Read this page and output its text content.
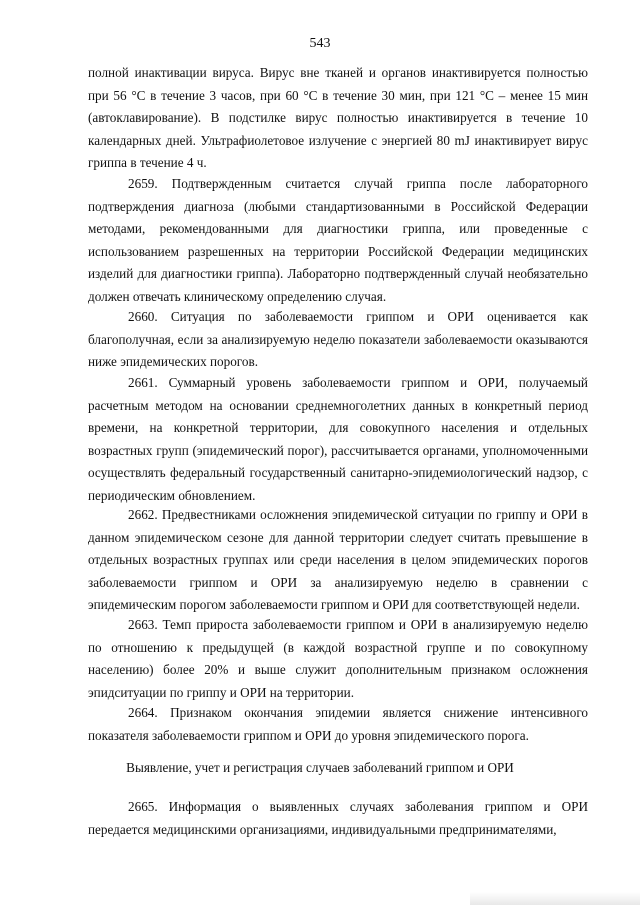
543

полной инактивации вируса. Вирус вне тканей и органов инактивируется полностью при 56 °С в течение 3 часов, при 60 °С в течение 30 мин, при 121 °С – менее 15 мин (автоклавирование). В подстилке вирус полностью инактивируется в течение 10 календарных дней. Ультрафиолетовое излучение с энергией 80 mJ инактивирует вирус гриппа в течение 4 ч.

2659. Подтвержденным считается случай гриппа после лабораторного подтверждения диагноза (любыми стандартизованными в Российской Федерации методами, рекомендованными для диагностики гриппа, или проведенные с использованием разрешенных на территории Российской Федерации медицинских изделий для диагностики гриппа). Лабораторно подтвержденный случай необязательно должен отвечать клиническому определению случая.

2660. Ситуация по заболеваемости гриппом и ОРИ оценивается как благополучная, если за анализируемую неделю показатели заболеваемости оказываются ниже эпидемических порогов.

2661. Суммарный уровень заболеваемости гриппом и ОРИ, получаемый расчетным методом на основании среднемноголетних данных в конкретный период времени, на конкретной территории, для совокупного населения и отдельных возрастных групп (эпидемический порог), рассчитывается органами, уполномоченными осуществлять федеральный государственный санитарно-эпидемиологический надзор, с периодическим обновлением.

2662. Предвестниками осложнения эпидемической ситуации по гриппу и ОРИ в данном эпидемическом сезоне для данной территории следует считать превышение в отдельных возрастных группах или среди населения в целом эпидемических порогов заболеваемости гриппом и ОРИ за анализируемую неделю в сравнении с эпидемическим порогом заболеваемости гриппом и ОРИ для соответствующей недели.

2663. Темп прироста заболеваемости гриппом и ОРИ в анализируемую неделю по отношению к предыдущей (в каждой возрастной группе и по совокупному населению) более 20% и выше служит дополнительным признаком осложнения эпидситуации по гриппу и ОРИ на территории.

2664. Признаком окончания эпидемии является снижение интенсивного показателя заболеваемости гриппом и ОРИ до уровня эпидемического порога.

Выявление, учет и регистрация случаев заболеваний гриппом и ОРИ

2665. Информация о выявленных случаях заболевания гриппом и ОРИ передается медицинскими организациями, индивидуальными предпринимателями,
